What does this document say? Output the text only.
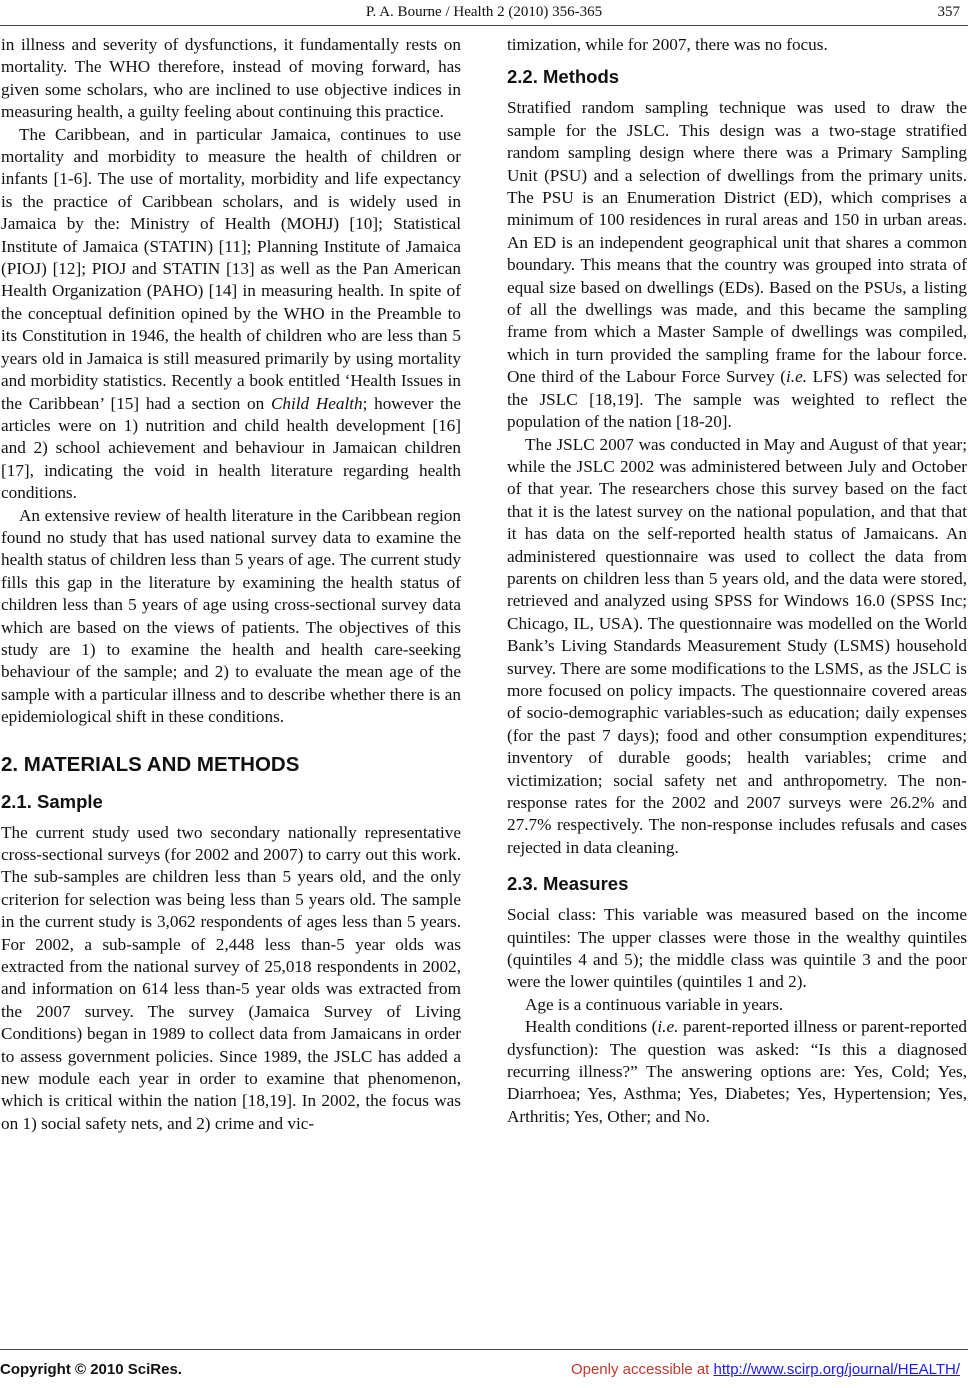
P. A. Bourne / Health 2 (2010) 356-365	357

in illness and severity of dysfunctions, it fundamentally rests on mortality. The WHO therefore, instead of moving forward, has given some scholars, who are inclined to use objective indices in measuring health, a guilty feeling about continuing this practice.

The Caribbean, and in particular Jamaica, continues to use mortality and morbidity to measure the health of children or infants [1-6]. The use of mortality, morbidity and life expectancy is the practice of Caribbean scholars, and is widely used in Jamaica by the: Ministry of Health (MOHJ) [10]; Statistical Institute of Jamaica (STATIN) [11]; Planning Institute of Jamaica (PIOJ) [12]; PIOJ and STATIN [13] as well as the Pan American Health Organization (PAHO) [14] in measuring health. In spite of the conceptual definition opined by the WHO in the Preamble to its Constitution in 1946, the health of children who are less than 5 years old in Jamaica is still measured primarily by using mortality and morbidity statistics. Recently a book entitled ‘Health Issues in the Caribbean’ [15] had a section on Child Health; however the articles were on 1) nutrition and child health development [16] and 2) school achievement and behaviour in Jamaican children [17], indicating the void in health literature regarding health conditions.

An extensive review of health literature in the Caribbean region found no study that has used national survey data to examine the health status of children less than 5 years of age. The current study fills this gap in the literature by examining the health status of children less than 5 years of age using cross-sectional survey data which are based on the views of patients. The objectives of this study are 1) to examine the health and health care-seeking behaviour of the sample; and 2) to evaluate the mean age of the sample with a particular illness and to describe whether there is an epidemiological shift in these conditions.

2. MATERIALS AND METHODS
2.1. Sample

The current study used two secondary nationally representative cross-sectional surveys (for 2002 and 2007) to carry out this work. The sub-samples are children less than 5 years old, and the only criterion for selection was being less than 5 years old. The sample in the current study is 3,062 respondents of ages less than 5 years. For 2002, a sub-sample of 2,448 less than-5 year olds was extracted from the national survey of 25,018 respondents in 2002, and information on 614 less than-5 year olds was extracted from the 2007 survey. The survey (Jamaica Survey of Living Conditions) began in 1989 to collect data from Jamaicans in order to assess government policies. Since 1989, the JSLC has added a new module each year in order to examine that phenomenon, which is critical within the nation [18,19]. In 2002, the focus was on 1) social safety nets, and 2) crime and vic-

timization, while for 2007, there was no focus.

2.2. Methods

Stratified random sampling technique was used to draw the sample for the JSLC. This design was a two-stage stratified random sampling design where there was a Primary Sampling Unit (PSU) and a selection of dwellings from the primary units. The PSU is an Enumeration District (ED), which comprises a minimum of 100 residences in rural areas and 150 in urban areas. An ED is an independent geographical unit that shares a common boundary. This means that the country was grouped into strata of equal size based on dwellings (EDs). Based on the PSUs, a listing of all the dwellings was made, and this became the sampling frame from which a Master Sample of dwellings was compiled, which in turn provided the sampling frame for the labour force. One third of the Labour Force Survey (i.e. LFS) was selected for the JSLC [18,19]. The sample was weighted to reflect the population of the nation [18-20].

The JSLC 2007 was conducted in May and August of that year; while the JSLC 2002 was administered between July and October of that year. The researchers chose this survey based on the fact that it is the latest survey on the national population, and that that it has data on the self-reported health status of Jamaicans. An administered questionnaire was used to collect the data from parents on children less than 5 years old, and the data were stored, retrieved and analyzed using SPSS for Windows 16.0 (SPSS Inc; Chicago, IL, USA). The questionnaire was modelled on the World Bank’s Living Standards Measurement Study (LSMS) household survey. There are some modifications to the LSMS, as the JSLC is more focused on policy impacts. The questionnaire covered areas of socio-demographic variables-such as education; daily expenses (for the past 7 days); food and other consumption expenditures; inventory of durable goods; health variables; crime and victimization; social safety net and anthropometry. The non-response rates for the 2002 and 2007 surveys were 26.2% and 27.7% respectively. The non-response includes refusals and cases rejected in data cleaning.

2.3. Measures

Social class: This variable was measured based on the income quintiles: The upper classes were those in the wealthy quintiles (quintiles 4 and 5); the middle class was quintile 3 and the poor were the lower quintiles (quintiles 1 and 2).

Age is a continuous variable in years.

Health conditions (i.e. parent-reported illness or parent-reported dysfunction): The question was asked: “Is this a diagnosed recurring illness?” The answering options are: Yes, Cold; Yes, Diarrhoea; Yes, Asthma; Yes, Diabetes; Yes, Hypertension; Yes, Arthritis; Yes, Other; and No.

Copyright © 2010 SciRes.	Openly accessible at http://www.scirp.org/journal/HEALTH/
